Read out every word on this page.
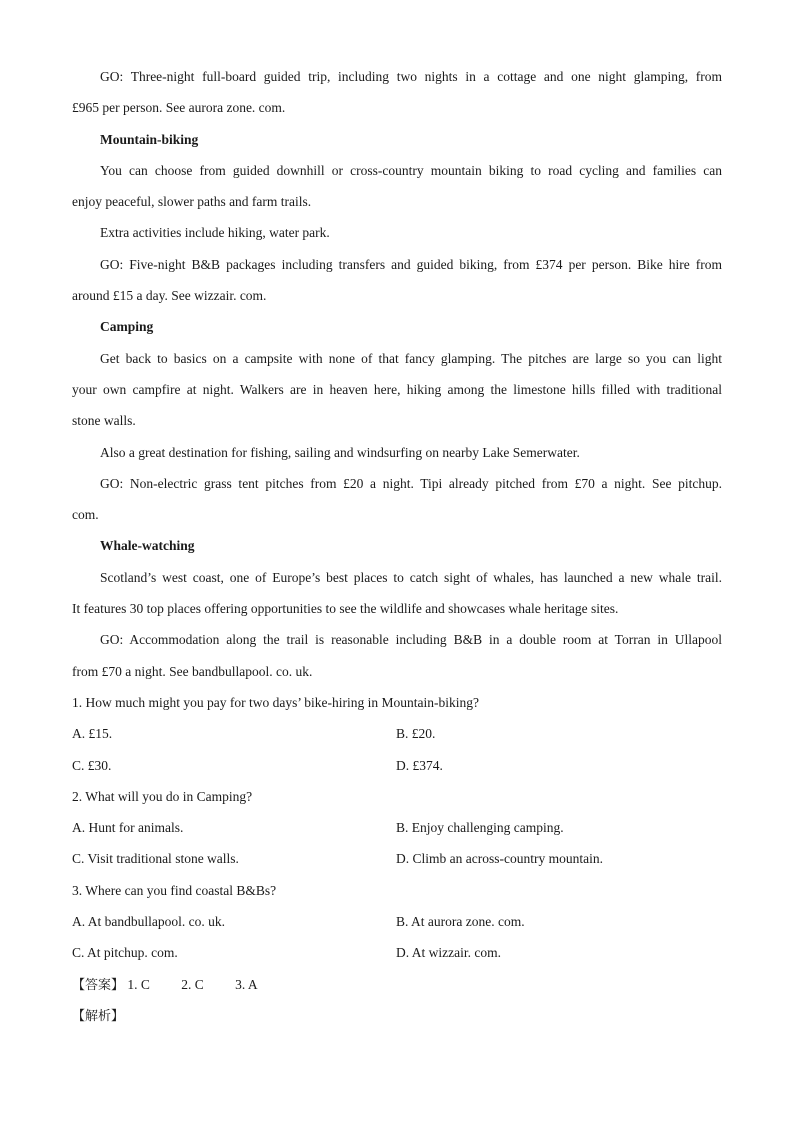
GO: Three-night full-board guided trip, including two nights in a cottage and one night glamping, from
£965 per person. See aurora zone. com.
Mountain-biking
You can choose from guided downhill or cross-country mountain biking to road cycling and families can
enjoy peaceful, slower paths and farm trails.
Extra activities include hiking, water park.
GO: Five-night B&B packages including transfers and guided biking, from £374 per person. Bike hire from
around £15 a day. See wizzair. com.
Camping
Get back to basics on a campsite with none of that fancy glamping. The pitches are large so you can light
your own campfire at night. Walkers are in heaven here, hiking among the limestone hills filled with traditional
stone walls.
Also a great destination for fishing, sailing and windsurfing on nearby Lake Semerwater.
GO: Non-electric grass tent pitches from £20 a night. Tipi already pitched from £70 a night. See pitchup.
com.
Whale-watching
Scotland’s west coast, one of Europe’s best places to catch sight of whales, has launched a new whale trail.
It features 30 top places offering opportunities to see the wildlife and showcases whale heritage sites.
GO: Accommodation along the trail is reasonable including B&B in a double room at Torran in Ullapool
from £70 a night. See bandbullapool. co. uk.
1. How much might you pay for two days’ bike-hiring in Mountain-biking?
A. £15.	B. £20.
C. £30.	D. £374.
2. What will you do in Camping?
A. Hunt for animals.	B. Enjoy challenging camping.
C. Visit traditional stone walls.	D. Climb an across-country mountain.
3. Where can you find coastal B&Bs?
A. At bandbullapool. co. uk.	B. At aurora zone. com.
C. At pitchup. com.	D. At wizzair. com.
【答案】 1. C 2. C 3. A
【解析】
